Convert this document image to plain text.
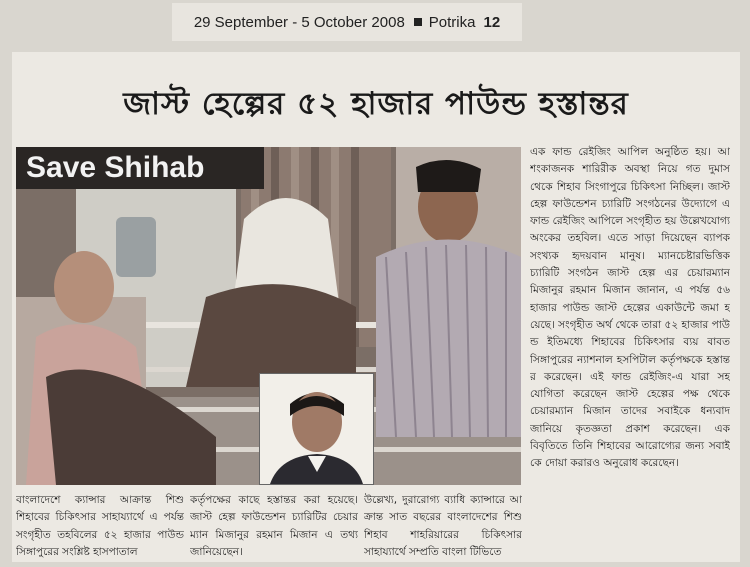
29 September - 5 October 2008 Potrika 12
জাস্ট হেল্পের ৫২ হাজার পাউন্ড হস্তান্তর
Save Shihab	এক ফান্ড রেইজিং আপিল অনুষ্ঠিত হয়। আশংকাজনক শারিরীক অবস্থা নিয়ে গত দুমাস থেকে শিহাব সিংগাপুরে চিকিৎসা নিচ্ছিল। জাস্ট হেল্প ফাউন্ডেশন চ্যারিটি সংগঠনের উদ্যোগে এ ফান্ড রেইজিং আপিলে সংগৃহীত হয় উল্লেখযোগ্য অংকের তহবিল। এতে সাড়া দিয়েছেন ব্যাপক সংখ্যক হৃদয়বান মানুষ। ম্যানচেষ্টারভিত্তিক চ্যারিটি সংগঠন জাস্ট হেল্প এর চেয়ারম্যান মিজানুর রহমান মিজান জানান, এ পর্যন্ত ৫৬ হাজার পাউন্ড জাস্ট হেল্পের একাউন্টে জমা হয়েছে। সংগৃহীত অর্থ থেকে তারা ৫২ হাজার পাউন্ড ইতিমধ্যে শিহাবের চিকিৎসার ব্যয় বাবত সিঙ্গাপুরের ন্যাশনাল হসপিটাল কর্তৃপক্ষকে হস্তান্তর করেছেন। এই ফান্ড রেইজিং-এ যারা সহযোগিতা করেছেন জাস্ট হেল্পের পক্ষ থেকে চেয়ারম্যান মিজান তাদের সবাইকে ধন্যবাদ জানিয়ে কৃতজ্ঞতা প্রকাশ করেছেন। এক বিবৃতিতে তিনি শিহাবের আরোগ্যের জন্য সবাইকে দোয়া করারও অনুরোধ করেছেন।
বাংলাদেশে ক্যান্সার আক্রান্ত শিশু শিহাবের চিকিৎসার সাহায্যার্থে এ পর্যন্ত সংগৃহীত তহবিলের ৫২ হাজার পাউন্ড সিঙ্গাপুরের সংশ্লিষ্ট হাসপাতাল
কর্তৃপক্ষের কাছে হস্তান্তর করা হয়েছে। জাস্ট হেল্প ফাউন্ডেশন চ্যারিটির চেয়ারম্যান মিজানুর রহমান মিজান এ তথ্য জানিয়েছেন।
উল্লেখ্য, দুরারোগ্য ব্যাধি ক্যান্সারে আক্রান্ত সাত বছরের বাংলাদেশের শিশু শিহাব শাহরিয়ারের চিকিৎসার সাহায্যার্থে সম্প্রতি বাংলা টিভিতে
